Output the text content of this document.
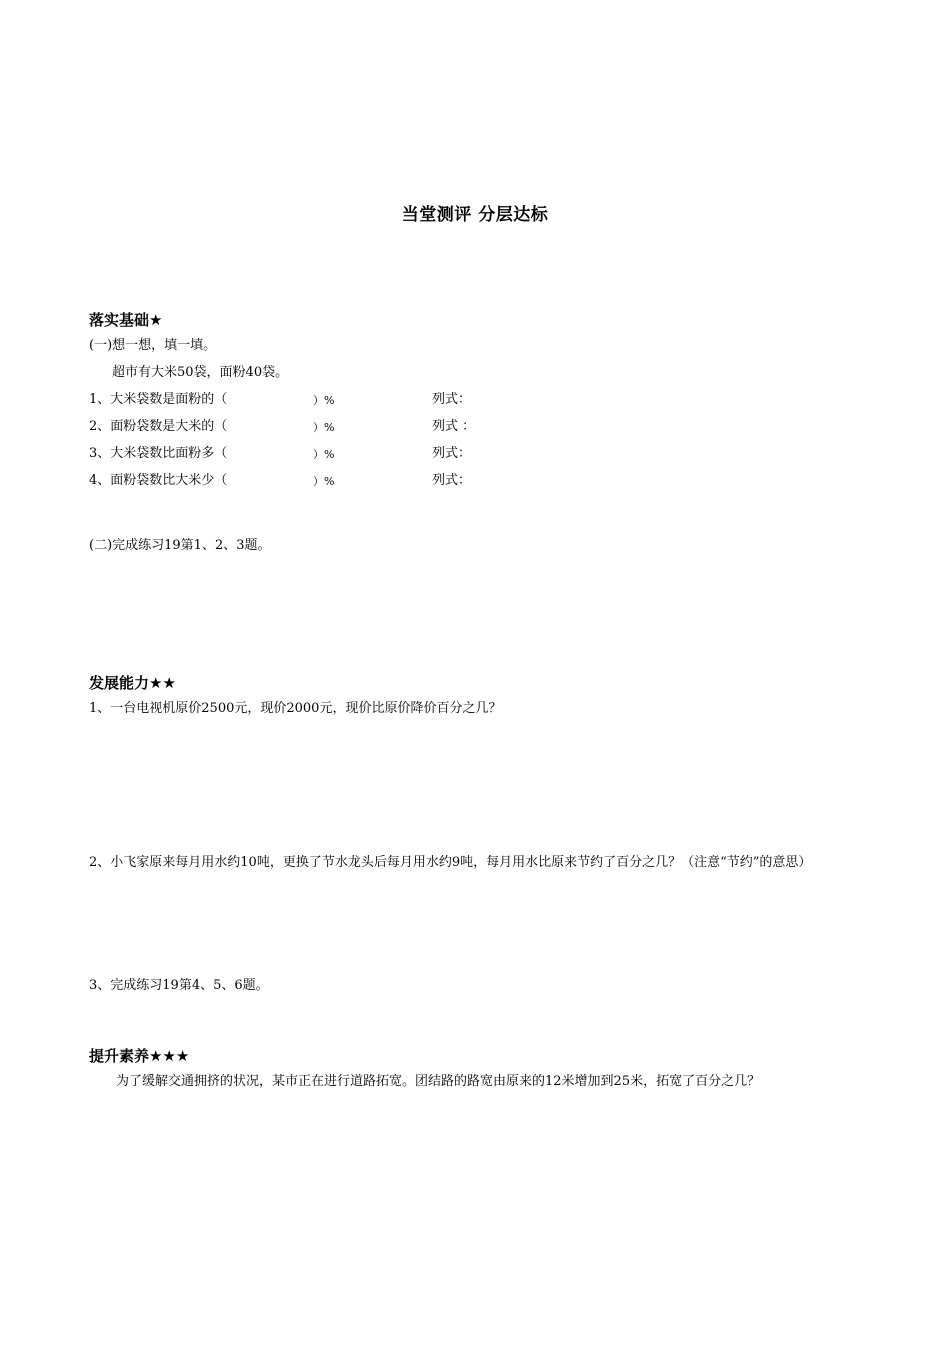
当堂测评 分层达标
落实基础★
(一)想一想，填一填。
超市有大米50袋，面粉40袋。
1、大米袋数是面粉的（	）%	列式：
2、面粉袋数是大米的（	）%	列式 ：
3、大米袋数比面粉多（	）%	列式：
4、面粉袋数比大米少（	）%	列式：
(二)完成练习19第1、2、3题。
发展能力★★
1、一台电视机原价2500元，现价2000元，现价比原价降价百分之几？
2、小飞家原来每月用水约10吨，更换了节水龙头后每月用水约9吨，每月用水比原来节约了百分之几？（注意“节约”的意思）
3、完成练习19第4、5、6题。
提升素养★★★
为了缓解交通拥挤的状况，某市正在进行道路拓宽。团结路的路宽由原来的12米增加到25米，拓宽了百分之几？
